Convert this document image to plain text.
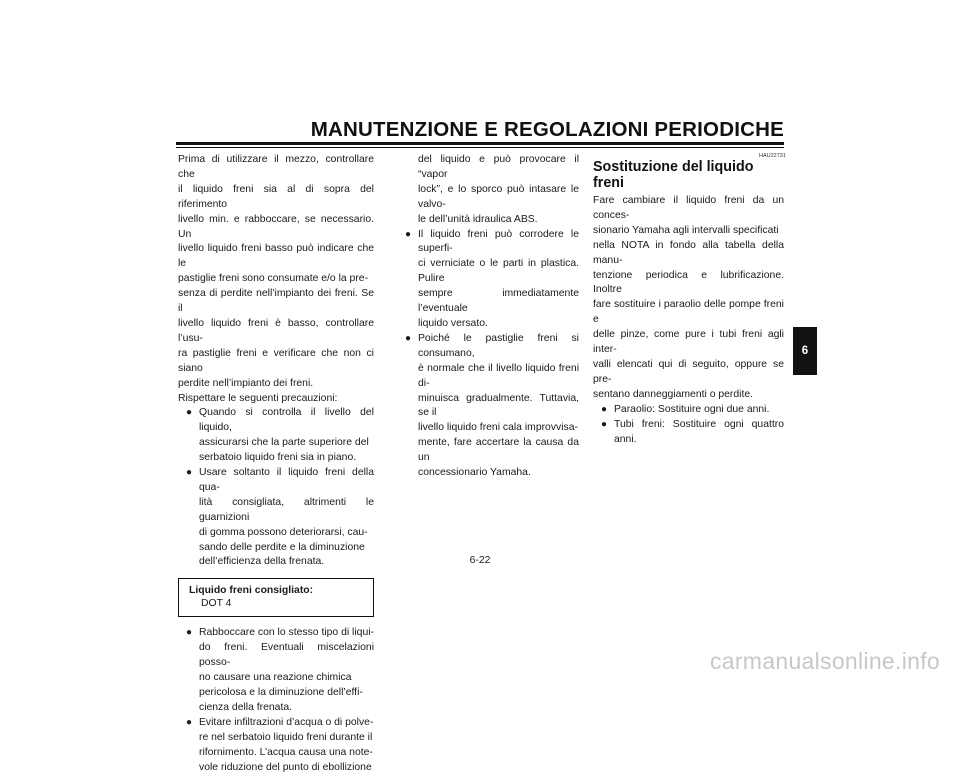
MANUTENZIONE E REGOLAZIONI PERIODICHE

Prima di utilizzare il mezzo, controllare che
il liquido freni sia al di sopra del riferimento
livello min. e rabboccare, se necessario. Un
livello liquido freni basso può indicare che le
pastiglie freni sono consumate e/o la pre-
senza di perdite nell’impianto dei freni. Se il
livello liquido freni è basso, controllare l’usu-
ra pastiglie freni e verificare che non ci siano
perdite nell’impianto dei freni.

Rispettare le seguenti precauzioni:

● Quando si controlla il livello del liquido,
assicurarsi che la parte superiore del
serbatoio liquido freni sia in piano.
● Usare soltanto il liquido freni della qua-
lità consigliata, altrimenti le guarnizioni
di gomma possono deteriorarsi, cau-
sando delle perdite e la diminuzione
dell’efficienza della frenata.
Liquido freni consigliato:
DOT 4
● Rabboccare con lo stesso tipo di liqui-
do freni. Eventuali miscelazioni posso-
no causare una reazione chimica
pericolosa e la diminuzione dell’effi-
cienza della frenata.
● Evitare infiltrazioni d’acqua o di polve-
re nel serbatoio liquido freni durante il
rifornimento. L’acqua causa una note-
vole riduzione del punto di ebollizione
del liquido e può provocare il “vapor
lock”, e lo sporco può intasare le valvo-
le dell’unità idraulica ABS.
● Il liquido freni può corrodere le superfi-
ci verniciate o le parti in plastica. Pulire
sempre immediatamente l’eventuale
liquido versato.
● Poiché le pastiglie freni si consumano,
è normale che il livello liquido freni di-
minuisca gradualmente. Tuttavia, se il
livello liquido freni cala improvvisa-
mente, fare accertare la causa da un
concessionario Yamaha.
HAU22731
Sostituzione del liquido freni

Fare cambiare il liquido freni da un conces-
sionario Yamaha agli intervalli specificati
nella NOTA in fondo alla tabella della manu-
tenzione periodica e lubrificazione. Inoltre
fare sostituire i paraolio delle pompe freni e
delle pinze, come pure i tubi freni agli inter-
valli elencati qui di seguito, oppure se pre-
sentano danneggiamenti o perdite.

● Paraolio: Sostituire ogni due anni.
● Tubi freni: Sostituire ogni quattro anni.
6
6-22
carmanualsonline.info
